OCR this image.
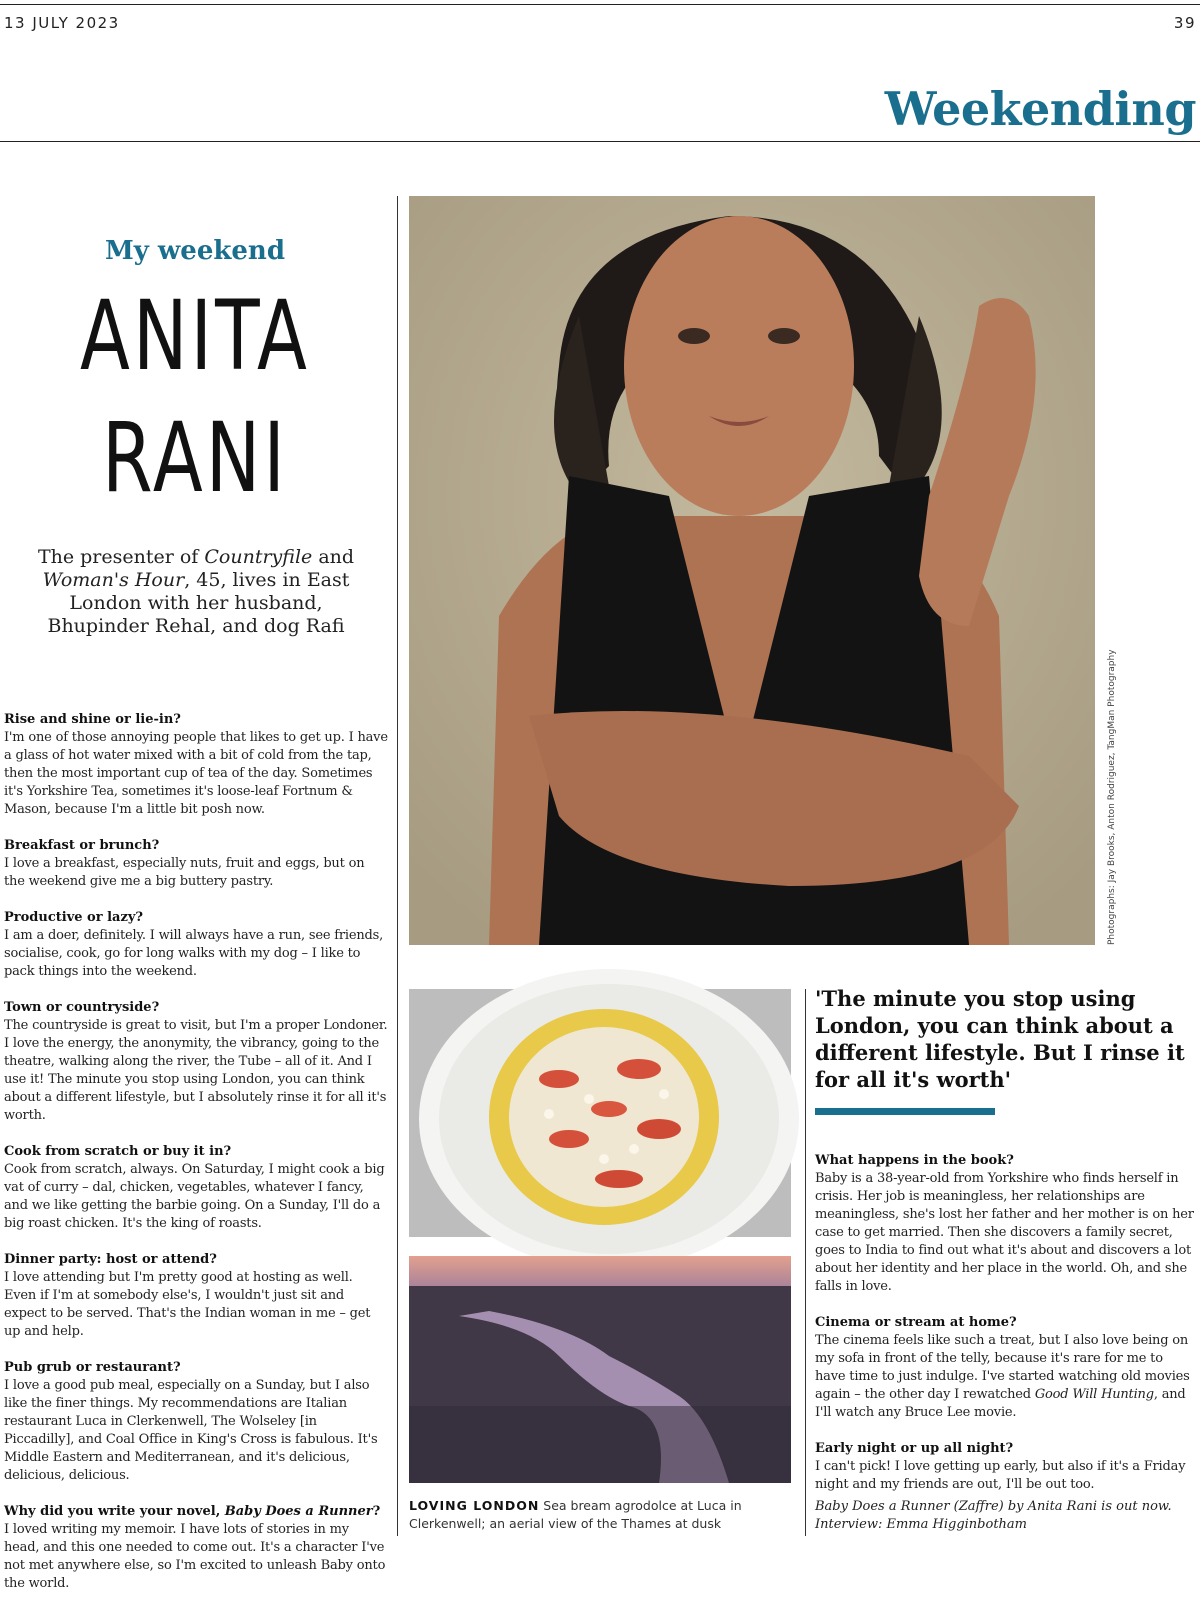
13 JULY 2023	39
Weekending
My weekend
ANITA
RANI
The presenter of Countryfile and Woman's Hour, 45, lives in East London with her husband, Bhupinder Rehal, and dog Rafi
Rise and shine or lie-in?
I'm one of those annoying people that likes to get up. I have a glass of hot water mixed with a bit of cold from the tap, then the most important cup of tea of the day. Sometimes it's Yorkshire Tea, sometimes it's loose-leaf Fortnum & Mason, because I'm a little bit posh now.
Breakfast or brunch?
I love a breakfast, especially nuts, fruit and eggs, but on the weekend give me a big buttery pastry.
Productive or lazy?
I am a doer, definitely. I will always have a run, see friends, socialise, cook, go for long walks with my dog – I like to pack things into the weekend.
Town or countryside?
The countryside is great to visit, but I'm a proper Londoner. I love the energy, the anonymity, the vibrancy, going to the theatre, walking along the river, the Tube – all of it. And I use it! The minute you stop using London, you can think about a different lifestyle, but I absolutely rinse it for all it's worth.
Cook from scratch or buy it in?
Cook from scratch, always. On Saturday, I might cook a big vat of curry – dal, chicken, vegetables, whatever I fancy, and we like getting the barbie going. On a Sunday, I'll do a big roast chicken. It's the king of roasts.
Dinner party: host or attend?
I love attending but I'm pretty good at hosting as well. Even if I'm at somebody else's, I wouldn't just sit and expect to be served. That's the Indian woman in me – get up and help.
Pub grub or restaurant?
I love a good pub meal, especially on a Sunday, but I also like the finer things. My recommendations are Italian restaurant Luca in Clerkenwell, The Wolseley [in Piccadilly], and Coal Office in King's Cross is fabulous. It's Middle Eastern and Mediterranean, and it's delicious, delicious, delicious.
Why did you write your novel, Baby Does a Runner?
I loved writing my memoir. I have lots of stories in my head, and this one needed to come out. It's a character I've not met anywhere else, so I'm excited to unleash Baby onto the world.
Photographs: Jay Brooks, Anton Rodriguez, TangMan Photography
LOVING LONDON Sea bream agrodolce at Luca in Clerkenwell; an aerial view of the Thames at dusk
'The minute you stop using London, you can think about a different lifestyle. But I rinse it for all it's worth'
What happens in the book?
Baby is a 38-year-old from Yorkshire who finds herself in crisis. Her job is meaningless, her relationships are meaningless, she's lost her father and her mother is on her case to get married. Then she discovers a family secret, goes to India to find out what it's about and discovers a lot about her identity and her place in the world. Oh, and she falls in love.
Cinema or stream at home?
The cinema feels like such a treat, but I also love being on my sofa in front of the telly, because it's rare for me to have time to just indulge. I've started watching old movies again – the other day I rewatched Good Will Hunting, and I'll watch any Bruce Lee movie.
Early night or up all night?
I can't pick! I love getting up early, but also if it's a Friday night and my friends are out, I'll be out too.
Baby Does a Runner (Zaffre) by Anita Rani is out now.
Interview: Emma Higginbotham
